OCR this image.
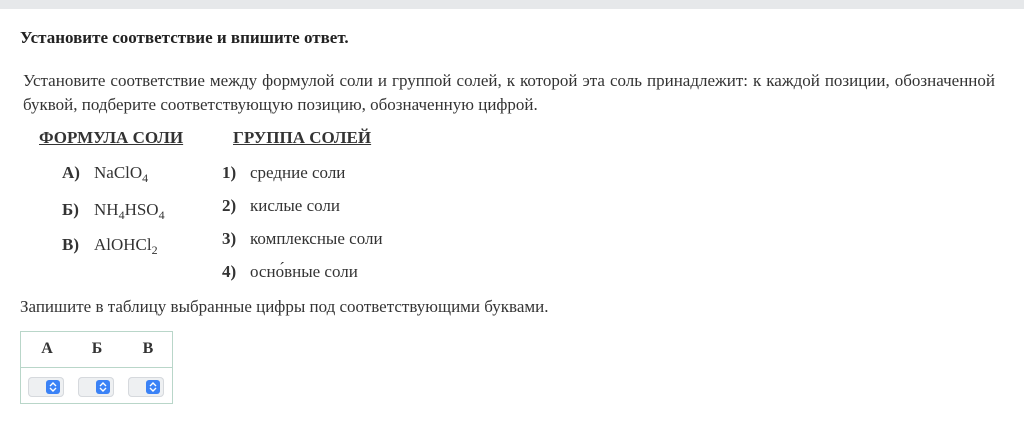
Установите соответствие и впишите ответ.
Установите соответствие между формулой соли и группой солей, к которой эта соль принадлежит: к каждой позиции, обозначенной буквой, подберите соответствующую позицию, обозначенную цифрой.
ФОРМУЛА СОЛИ	ГРУППА СОЛЕЙ
А) NaClO$_4$
Б) $NH_4HSO_4$
В) AlOHCl$_2$
1) средние соли
2) кислые соли
3) комплексные соли
4) осно́вные соли
Запишите в таблицу выбранные цифры под соответствующими буквами.
А	Б	В
